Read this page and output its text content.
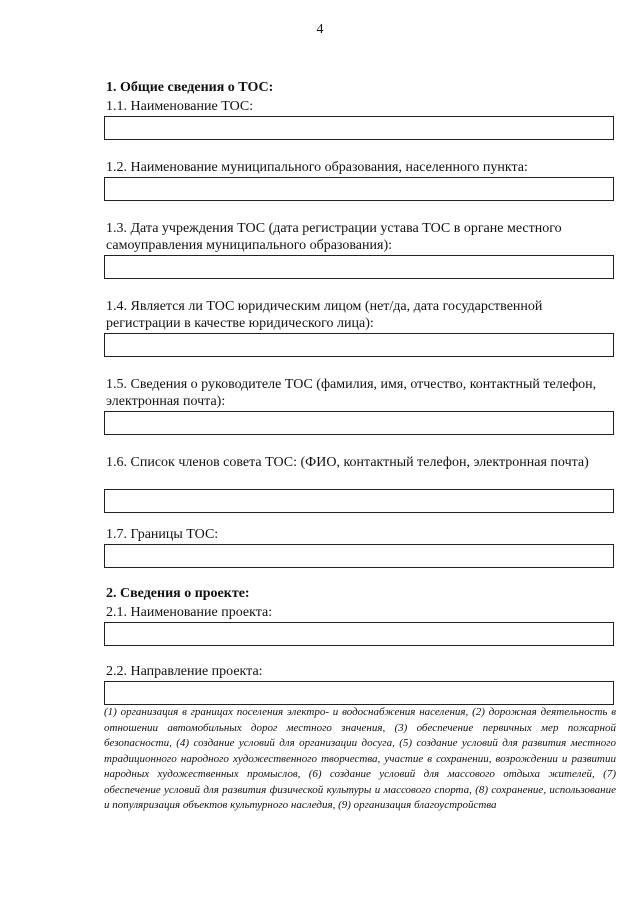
4
1. Общие сведения о ТОС:
1.1. Наименование ТОС:
1.2. Наименование муниципального образования, населенного пункта:
1.3. Дата учреждения ТОС (дата регистрации устава ТОС в органе местного самоуправления муниципального образования):
1.4. Является ли ТОС юридическим лицом (нет/да, дата государственной регистрации в качестве юридического лица):
1.5. Сведения о руководителе ТОС (фамилия, имя, отчество, контактный телефон, электронная почта):
1.6. Список членов совета ТОС: (ФИО, контактный телефон, электронная почта)
1.7. Границы ТОС:
2. Сведения о проекте:
2.1. Наименование проекта:
2.2. Направление проекта:
(1) организация в границах поселения электро- и водоснабжения населения, (2) дорожная деятельность в отношении автомобильных дорог местного значения, (3) обеспечение первичных мер пожарной безопасности, (4) создание условий для организации досуга, (5) создание условий для развития местного традиционного народного художественного творчества, участие в сохранении, возрождении и развитии народных художественных промыслов, (6) создание условий для массового отдыха жителей, (7) обеспечение условий для развития физической культуры и массового спорта, (8) сохранение, использование и популяризация объектов культурного наследия, (9) организация благоустройства
